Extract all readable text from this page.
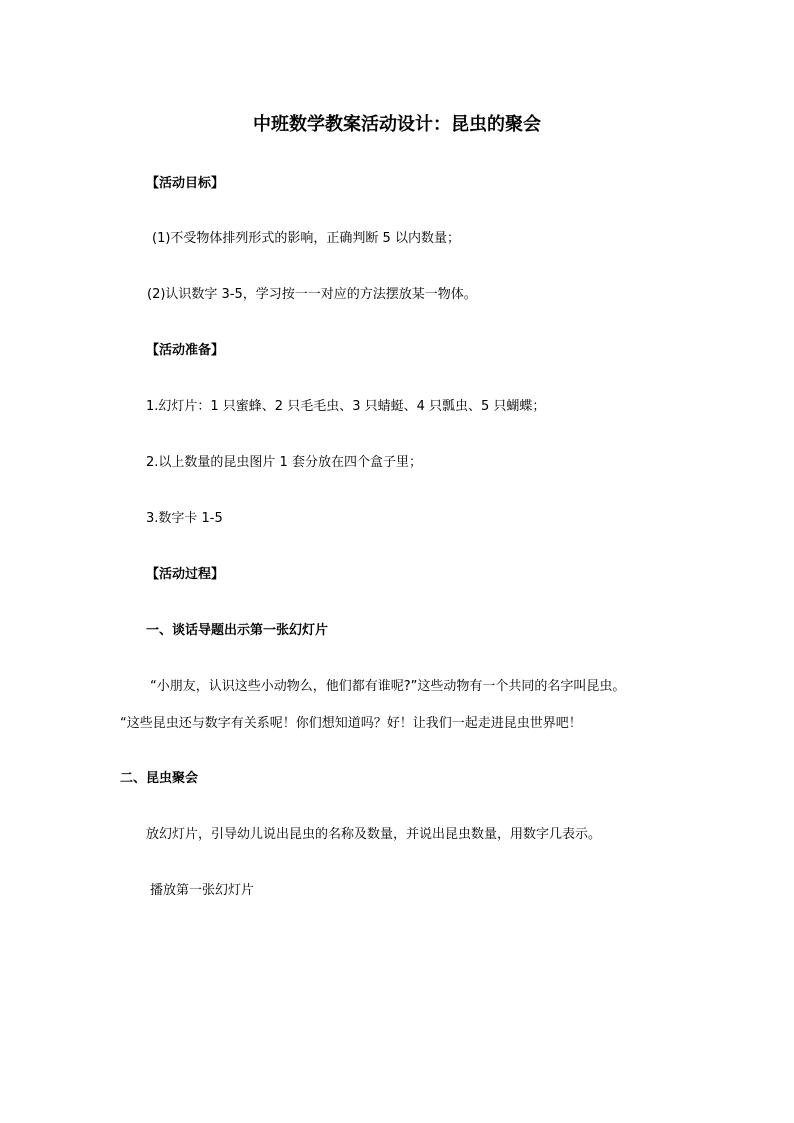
中班数学教案活动设计：昆虫的聚会
【活动目标】
(1)不受物体排列形式的影响，正确判断 5 以内数量；
(2)认识数字 3-5，学习按一一对应的方法摆放某一物体。
【活动准备】
1.幻灯片：1 只蜜蜂、2 只毛毛虫、3 只蜻蜓、4 只瓢虫、5 只蝴蝶；
2.以上数量的昆虫图片 1 套分放在四个盒子里；
3.数字卡 1-5
【活动过程】
一、谈话导题出示第一张幻灯片
“小朋友，认识这些小动物么，他们都有谁呢?”这些动物有一个共同的名字叫昆虫。
“这些昆虫还与数字有关系呢！你们想知道吗？好！让我们一起走进昆虫世界吧！
二、昆虫聚会
放幻灯片，引导幼儿说出昆虫的名称及数量，并说出昆虫数量，用数字几表示。
播放第一张幻灯片
